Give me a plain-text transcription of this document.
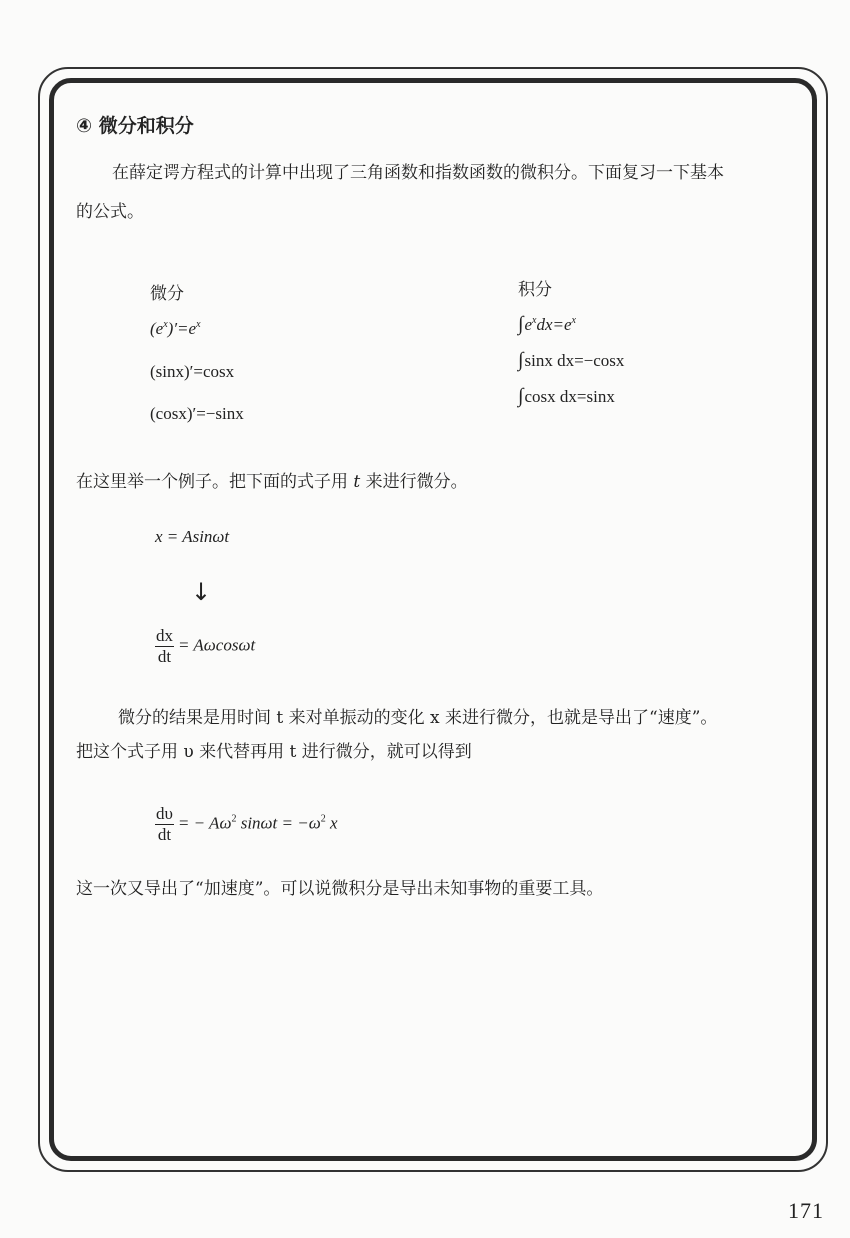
④ 微分和积分
在薛定谔方程式的计算中出现了三角函数和指数函数的微积分。下面复习一下基本
的公式。
微分
$(e^x)'=e^x$
(sinx)′=cosx
(cosx)′=−sinx
积分
$\int e^xdx=e^x$
∫sinx dx=−cosx
∫cosx dx=sinx
在这里举一个例子。把下面的式子用 t 来进行微分。
x = Asinωt
↓
$\frac{dx}{dt} = A\omega\cos\omega t$
微分的结果是用时间 t 来对单振动的变化 x 来进行微分，也就是导出了“速度”。
把这个式子用 υ 来代替再用 t 进行微分，就可以得到
$\frac{d\upsilon}{dt}$ = − $A\omega^2$ $\sin\omega t = -\omega^2$ x
这一次又导出了“加速度”。可以说微积分是导出未知事物的重要工具。
171
